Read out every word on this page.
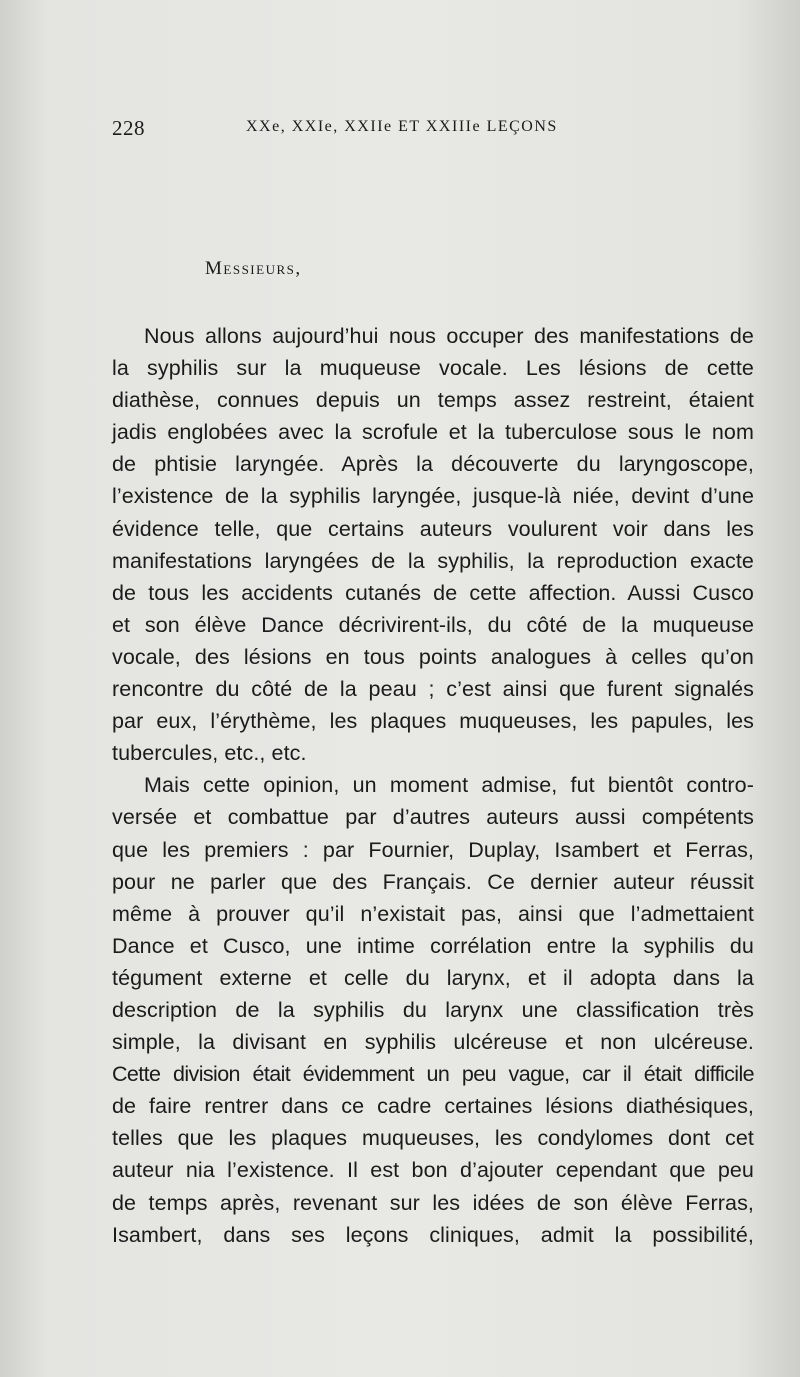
228	XXe, XXIe, XXIIe ET XXIIIe LEÇONS
Messieurs,
Nous allons aujourd’hui nous occuper des manifestations de
la syphilis sur la muqueuse vocale. Les lésions de cette
diathèse, connues depuis un temps assez restreint, étaient
jadis englobées avec la scrofule et la tuberculose sous le nom
de phtisie laryngée. Après la découverte du laryngoscope,
l’existence de la syphilis laryngée, jusque-là niée, devint d’une
évidence telle, que certains auteurs voulurent voir dans les
manifestations laryngées de la syphilis, la reproduction exacte
de tous les accidents cutanés de cette affection. Aussi Cusco
et son élève Dance décrivirent-ils, du côté de la muqueuse
vocale, des lésions en tous points analogues à celles qu’on
rencontre du côté de la peau ; c’est ainsi que furent signalés
par eux, l’érythème, les plaques muqueuses, les papules, les
tubercules, etc., etc.
Mais cette opinion, un moment admise, fut bientôt contro-
versée et combattue par d’autres auteurs aussi compétents
que les premiers : par Fournier, Duplay, Isambert et Ferras,
pour ne parler que des Français. Ce dernier auteur réussit
même à prouver qu’il n’existait pas, ainsi que l’admettaient
Dance et Cusco, une intime corrélation entre la syphilis du
tégument externe et celle du larynx, et il adopta dans la
description de la syphilis du larynx une classification très
simple, la divisant en syphilis ulcéreuse et non ulcéreuse.
Cette division était évidemment un peu vague, car il était difficile
de faire rentrer dans ce cadre certaines lésions diathésiques,
telles que les plaques muqueuses, les condylomes dont cet
auteur nia l’existence. Il est bon d’ajouter cependant que peu
de temps après, revenant sur les idées de son élève Ferras,
Isambert, dans ses leçons cliniques, admit la possibilité,
